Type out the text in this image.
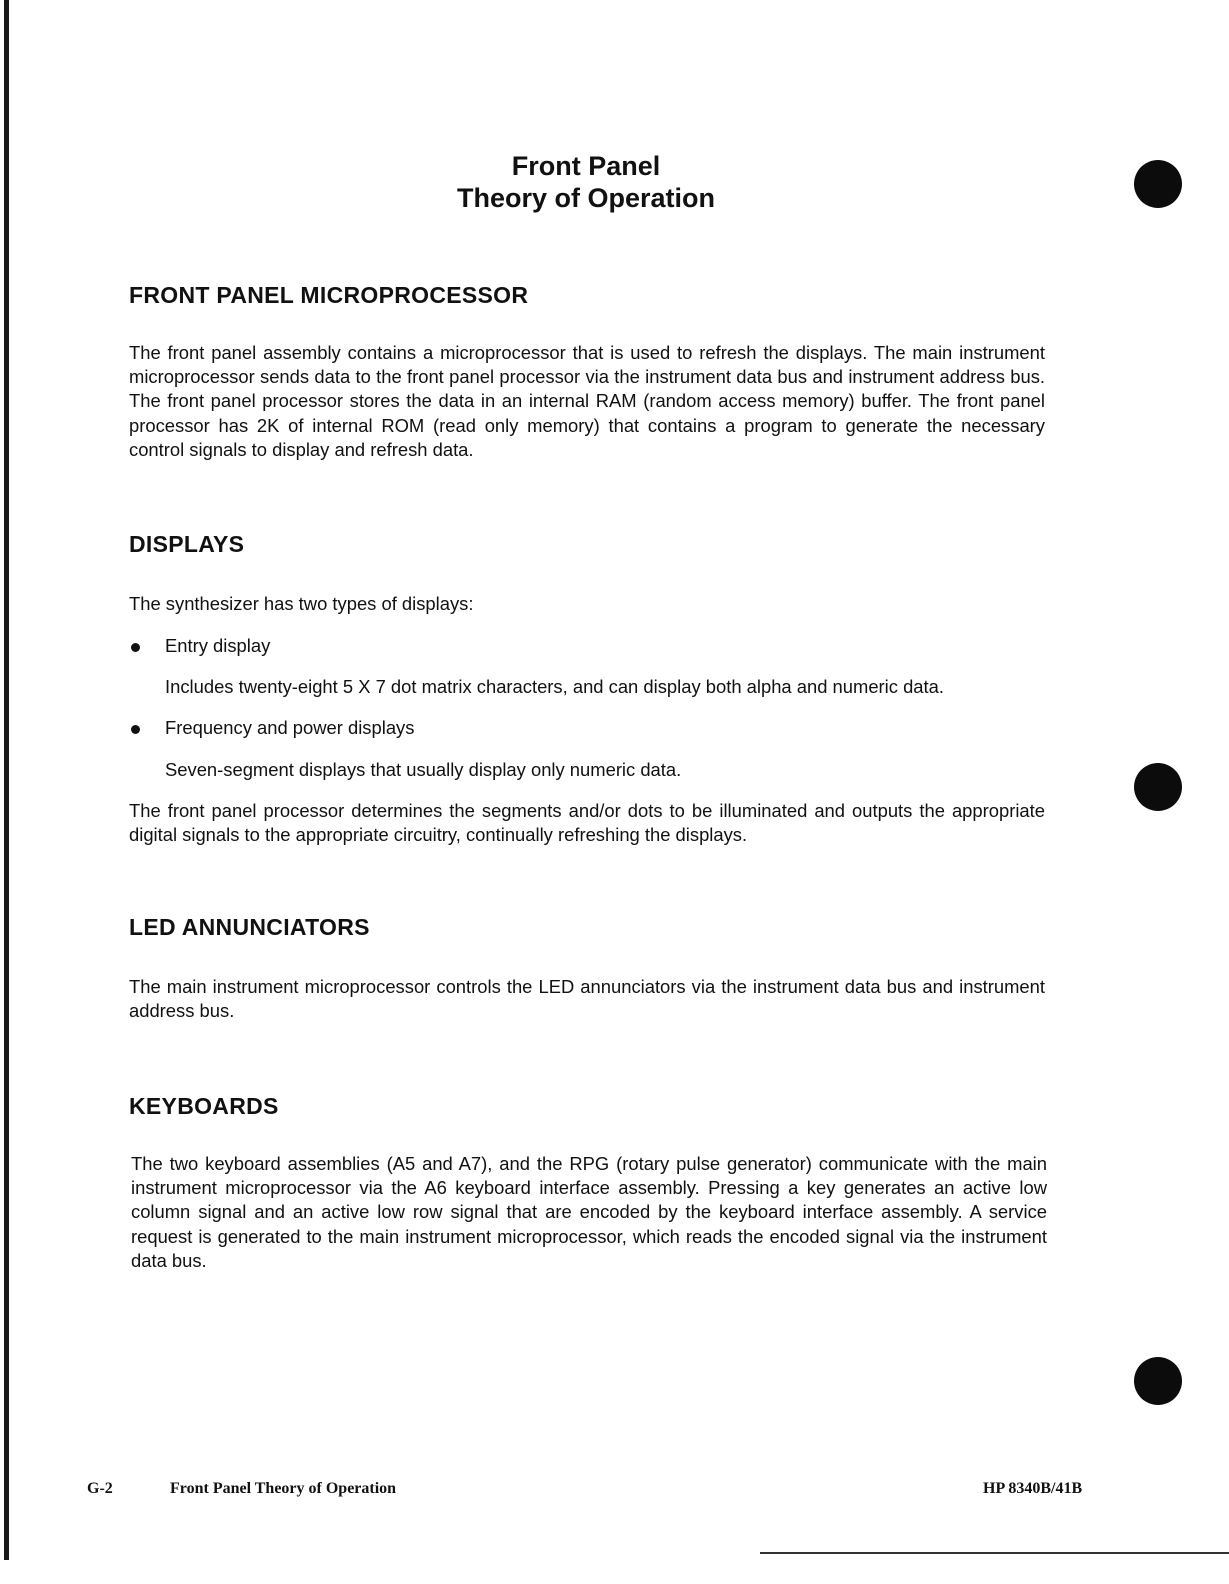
Front Panel
Theory of Operation
FRONT PANEL MICROPROCESSOR

The front panel assembly contains a microprocessor that is used to refresh the displays. The main instrument microprocessor sends data to the front panel processor via the instrument data bus and instrument address bus. The front panel processor stores the data in an internal RAM (random access memory) buffer. The front panel processor has 2K of internal ROM (read only memory) that contains a program to generate the necessary control signals to display and refresh data.

DISPLAYS

The synthesizer has two types of displays:

Entry display
Includes twenty-eight 5 X 7 dot matrix characters, and can display both alpha and numeric data.
Frequency and power displays
Seven-segment displays that usually display only numeric data.

The front panel processor determines the segments and/or dots to be illuminated and outputs the appropriate digital signals to the appropriate circuitry, continually refreshing the displays.

LED ANNUNCIATORS

The main instrument microprocessor controls the LED annunciators via the instrument data bus and instrument address bus.

KEYBOARDS

The two keyboard assemblies (A5 and A7), and the RPG (rotary pulse generator) communicate with the main instrument microprocessor via the A6 keyboard interface assembly. Pressing a key generates an active low column signal and an active low row signal that are encoded by the keyboard interface assembly. A service request is generated to the main instrument microprocessor, which reads the encoded signal via the instrument data bus.

G-2	Front Panel Theory of Operation	HP 8340B/41B
